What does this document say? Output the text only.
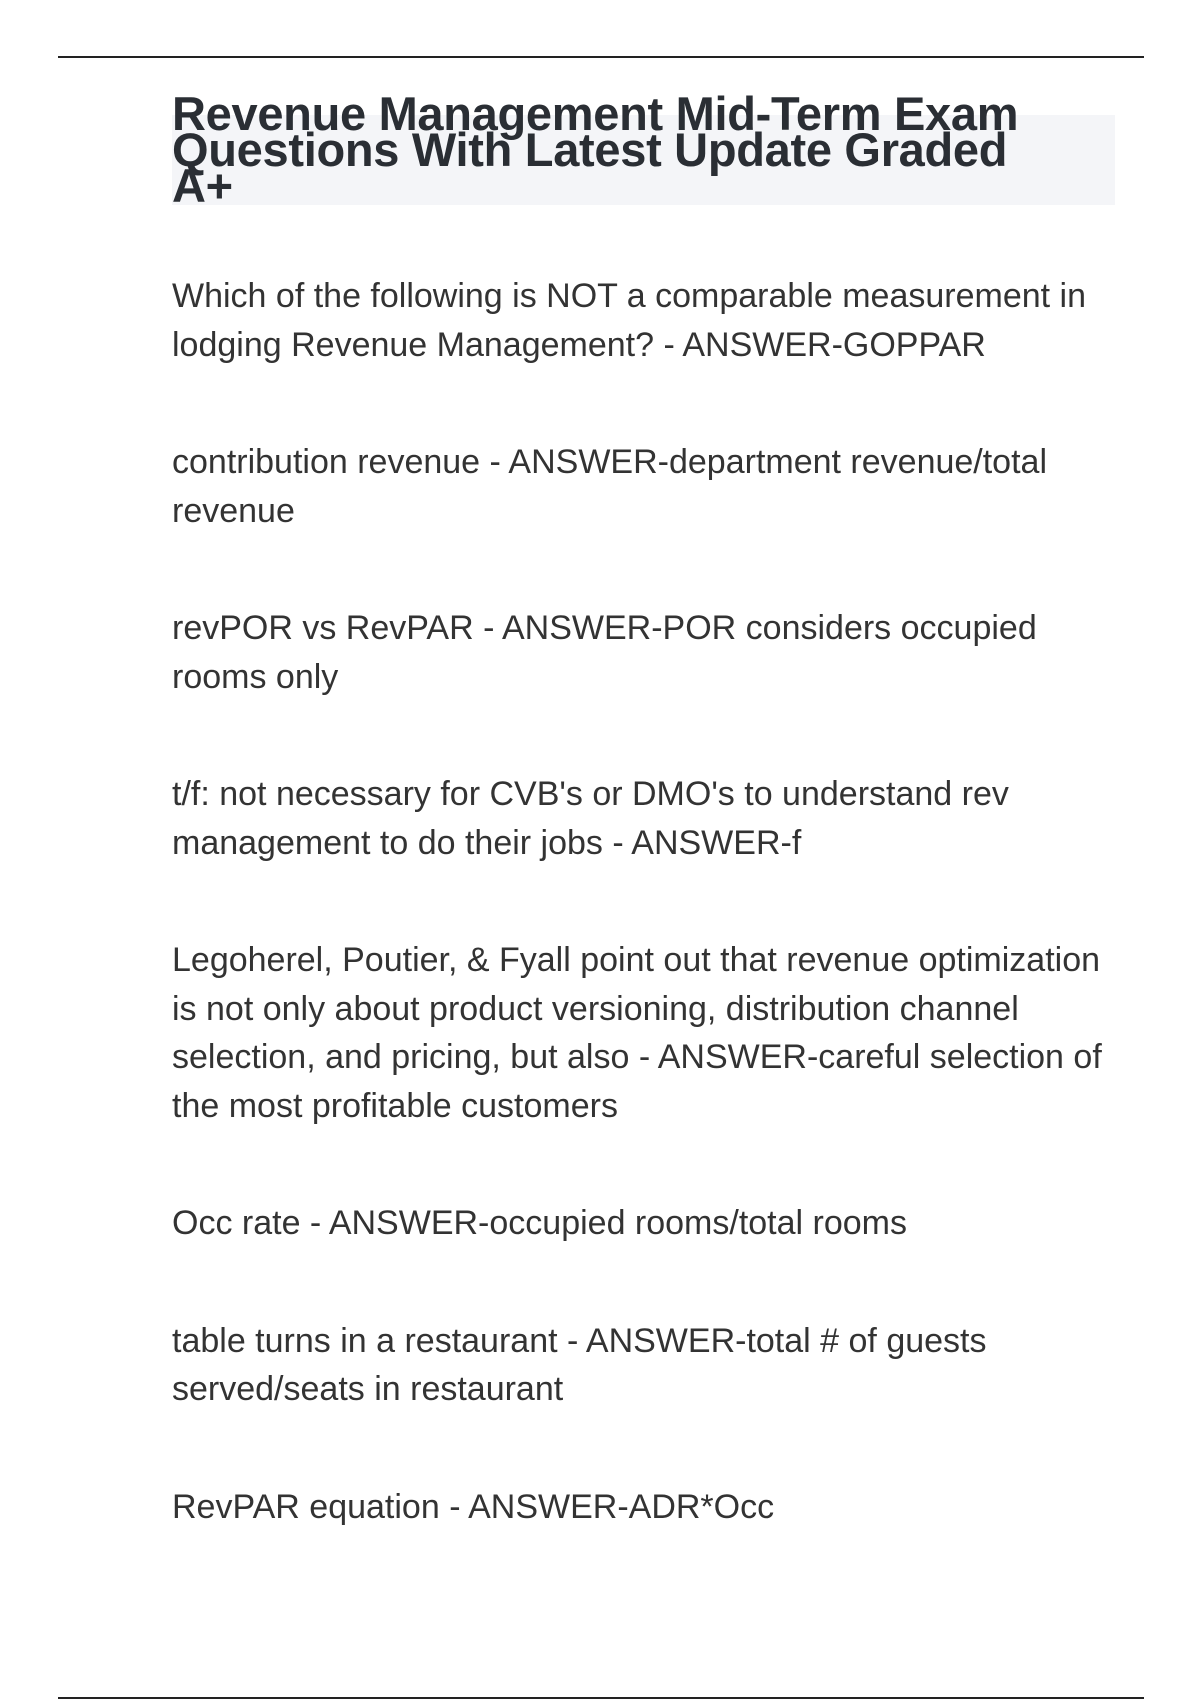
Revenue Management Mid-Term Exam Questions With Latest Update Graded A+

Which of the following is NOT a comparable measurement in lodging Revenue Management? - ANSWER-GOPPAR

contribution revenue - ANSWER-department revenue/total revenue

revPOR vs RevPAR - ANSWER-POR considers occupied rooms only

t/f: not necessary for CVB's or DMO's to understand rev management to do their jobs - ANSWER-f

Legoherel, Poutier, & Fyall point out that revenue optimization is not only about product versioning, distribution channel selection, and pricing, but also - ANSWER-careful selection of the most profitable customers

Occ rate - ANSWER-occupied rooms/total rooms

table turns in a restaurant - ANSWER-total # of guests served/seats in restaurant

RevPAR equation - ANSWER-ADR*Occ
